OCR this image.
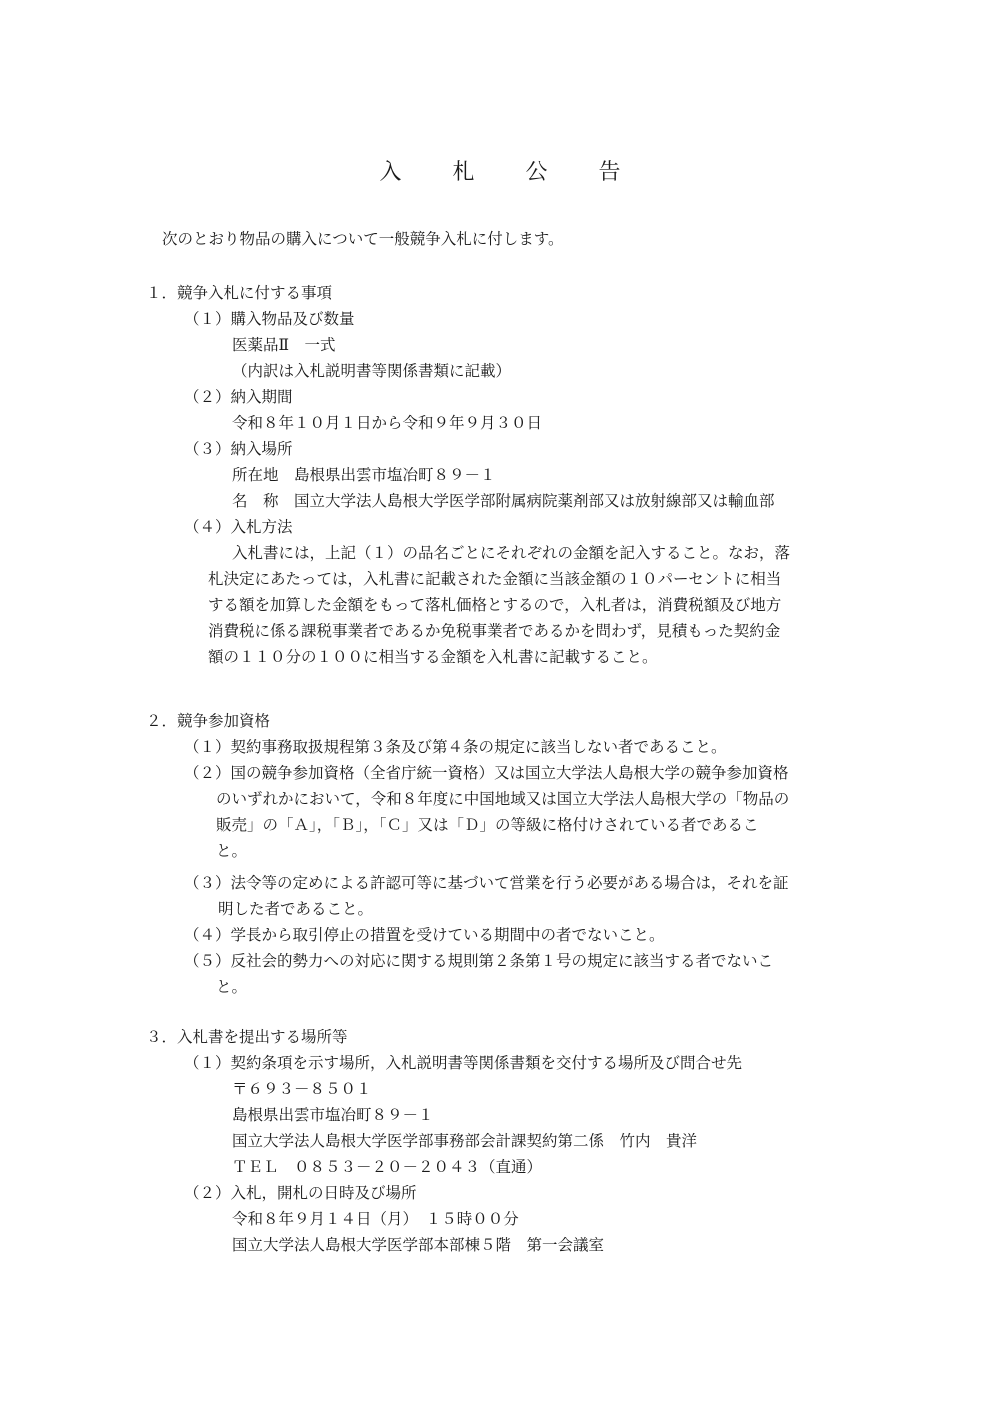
入 札 公 告
次のとおり物品の購入について一般競争入札に付します。
１．競争入札に付する事項
（１）購入物品及び数量
医薬品Ⅱ　一式
（内訳は入札説明書等関係書類に記載）
（２）納入期間
令和８年１０月１日から令和９年９月３０日
（３）納入場所
所在地　島根県出雲市塩冶町８９－１
名　称　国立大学法人島根大学医学部附属病院薬剤部又は放射線部又は輸血部
（４）入札方法
入札書には，上記（１）の品名ごとにそれぞれの金額を記入すること。なお，落
札決定にあたっては，入札書に記載された金額に当該金額の１０パーセントに相当
する額を加算した金額をもって落札価格とするので，入札者は，消費税額及び地方
消費税に係る課税事業者であるか免税事業者であるかを問わず，見積もった契約金
額の１１０分の１００に相当する金額を入札書に記載すること。
２．競争参加資格
（１）契約事務取扱規程第３条及び第４条の規定に該当しない者であること。
（２）国の競争参加資格（全省庁統一資格）又は国立大学法人島根大学の競争参加資格
のいずれかにおいて，令和８年度に中国地域又は国立大学法人島根大学の「物品の
販売」の「Ａ」，「Ｂ」，「Ｃ」又は「Ｄ」の等級に格付けされている者であるこ
と。
（３）法令等の定めによる許認可等に基づいて営業を行う必要がある場合は，それを証
明した者であること。
（４）学長から取引停止の措置を受けている期間中の者でないこと。
（５）反社会的勢力への対応に関する規則第２条第１号の規定に該当する者でないこ
と。
３．入札書を提出する場所等
（１）契約条項を示す場所，入札説明書等関係書類を交付する場所及び問合せ先
〒６９３－８５０１
島根県出雲市塩冶町８９－１
国立大学法人島根大学医学部事務部会計課契約第二係　竹内　貴洋
ＴＥＬ　０８５３－２０－２０４３（直通）
（２）入札，開札の日時及び場所
令和８年９月１４日（月）　１５時００分
国立大学法人島根大学医学部本部棟５階　第一会議室
